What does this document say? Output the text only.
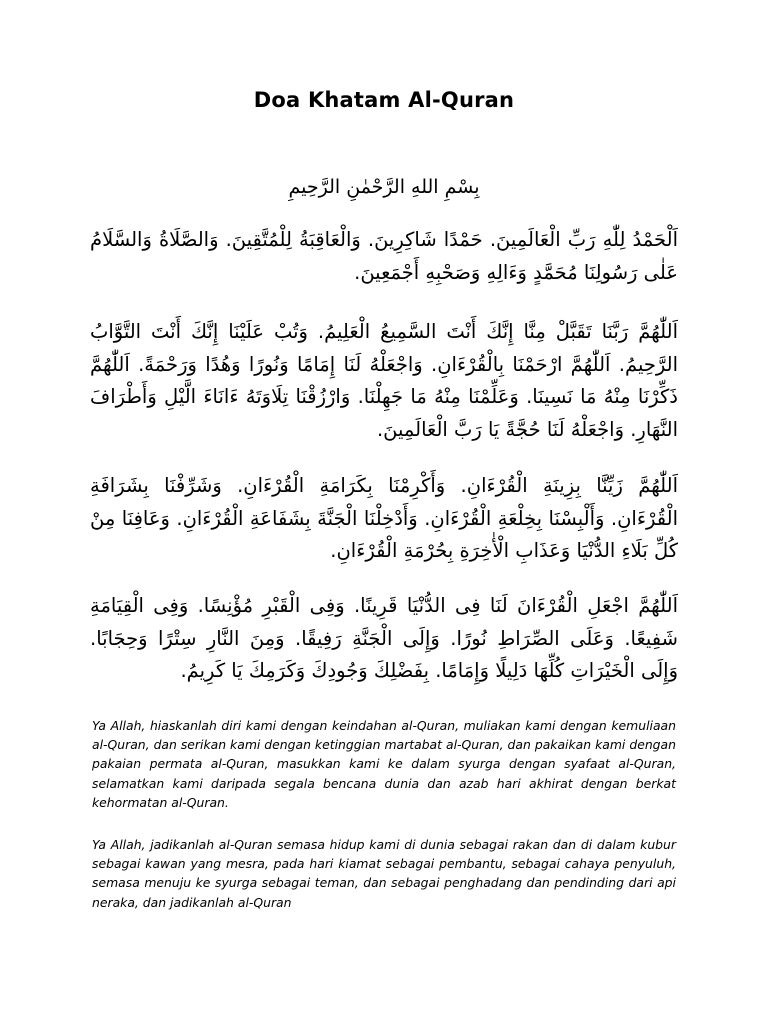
Doa Khatam Al-Quran
بِسْمِ اللهِ الرَّحْمٰنِ الرَّحِيمِ
اَلْحَمْدُ لِلّٰهِ رَبِّ الْعَالَمِينَ. حَمْدًا شَاكِرِينَ. وَالْعَاقِبَةُ لِلْمُتَّقِينَ. وَالصَّلَاةُ وَالسَّلَامُ عَلٰى رَسُولِنَا مُحَمَّدٍ وَءَالِهِ وَصَحْبِهِ أَجْمَعِينَ.
اَللّٰهُمَّ رَبَّنَا تَقَبَّلْ مِنَّا إِنَّكَ أَنْتَ السَّمِيعُ الْعَلِيمُ. وَتُبْ عَلَيْنَا إِنَّكَ أَنْتَ التَّوَّابُ الرَّحِيمُ. اَللّٰهُمَّ ارْحَمْنَا بِالْقُرْءَانِ. وَاجْعَلْهُ لَنَا إِمَامًا وَنُورًا وَهُدًا وَرَحْمَةً. اَللّٰهُمَّ ذَكِّرْنَا مِنْهُ مَا نَسِينَا. وَعَلِّمْنَا مِنْهُ مَا جَهِلْنَا. وَارْزُقْنَا تِلَاوَتَهُ ءَانَاءَ الَّيْلِ وَأَطْرَافَ النَّهَارِ. وَاجْعَلْهُ لَنَا حُجَّةً يَا رَبَّ الْعَالَمِينَ.
اَللّٰهُمَّ زَيِّنَّا بِزِينَةِ الْقُرْءَانِ. وَأَكْرِمْنَا بِكَرَامَةِ الْقُرْءَانِ. وَشَرِّفْنَا بِشَرَافَةِ الْقُرْءَانِ. وَأَلْبِسْنَا بِخِلْعَةِ الْقُرْءَانِ. وَأَدْخِلْنَا الْجَنَّةَ بِشَفَاعَةِ الْقُرْءَانِ. وَعَافِنَا مِنْ كُلِّ بَلَاءِ الدُّنْيَا وَعَذَابِ الْأٰخِرَةِ بِحُرْمَةِ الْقُرْءَانِ.
اَللّٰهُمَّ اجْعَلِ الْقُرْءَانَ لَنَا فِى الدُّنْيَا قَرِينًا. وَفِى الْقَبْرِ مُؤْنِسًا. وَفِى الْقِيَامَةِ شَفِيعًا. وَعَلَى الصِّرَاطِ نُورًا. وَإِلَى الْجَنَّةِ رَفِيقًا. وَمِنَ النَّارِ سِتْرًا وَحِجَابًا. وَإِلَى الْخَيْرَاتِ كُلِّهَا دَلِيلًا وَإِمَامًا. بِفَضْلِكَ وَجُودِكَ وَكَرَمِكَ يَا كَرِيمُ.
Ya Allah, hiaskanlah diri kami dengan keindahan al-Quran, muliakan kami dengan kemuliaan al-Quran, dan serikan kami dengan ketinggian martabat al-Quran, dan pakaikan kami dengan pakaian permata al-Quran, masukkan kami ke dalam syurga dengan syafaat al-Quran, selamatkan kami daripada segala bencana dunia dan azab hari akhirat dengan berkat kehormatan al-Quran.
Ya Allah, jadikanlah al-Quran semasa hidup kami di dunia sebagai rakan dan di dalam kubur sebagai kawan yang mesra, pada hari kiamat sebagai pembantu, sebagai cahaya penyuluh, semasa menuju ke syurga sebagai teman, dan sebagai penghadang dan pendinding dari api neraka, dan jadikanlah al-Quran
